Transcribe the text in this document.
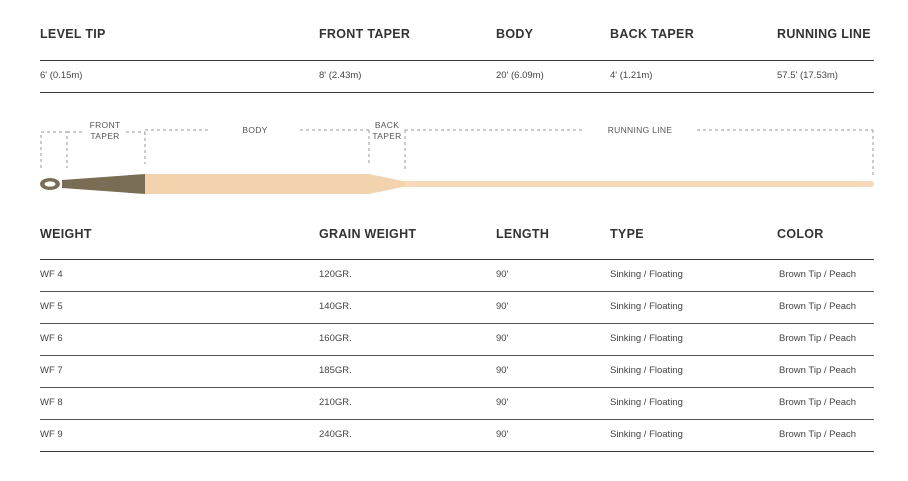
LEVEL TIP	FRONT TAPER	BODY	BACK TAPER	RUNNING LINE
6' (0.15m)	8' (2.43m)	20' (6.09m)	4' (1.21m)	57.5' (17.53m)
FRONT
TAPER
BODY	BACK
TAPER
RUNNING LINE
WEIGHT	GRAIN WEIGHT	LENGTH	TYPE	COLOR
WF 4	120GR.	90'	Sinking / Floating	Brown Tip / Peach
WF 5	140GR.	90'	Sinking / Floating	Brown Tip / Peach
WF 6	160GR.	90'	Sinking / Floating	Brown Tip / Peach
WF 7	185GR.	90'	Sinking / Floating	Brown Tip / Peach
WF 8	210GR.	90'	Sinking / Floating	Brown Tip / Peach
WF 9	240GR.	90'	Sinking / Floating	Brown Tip / Peach
